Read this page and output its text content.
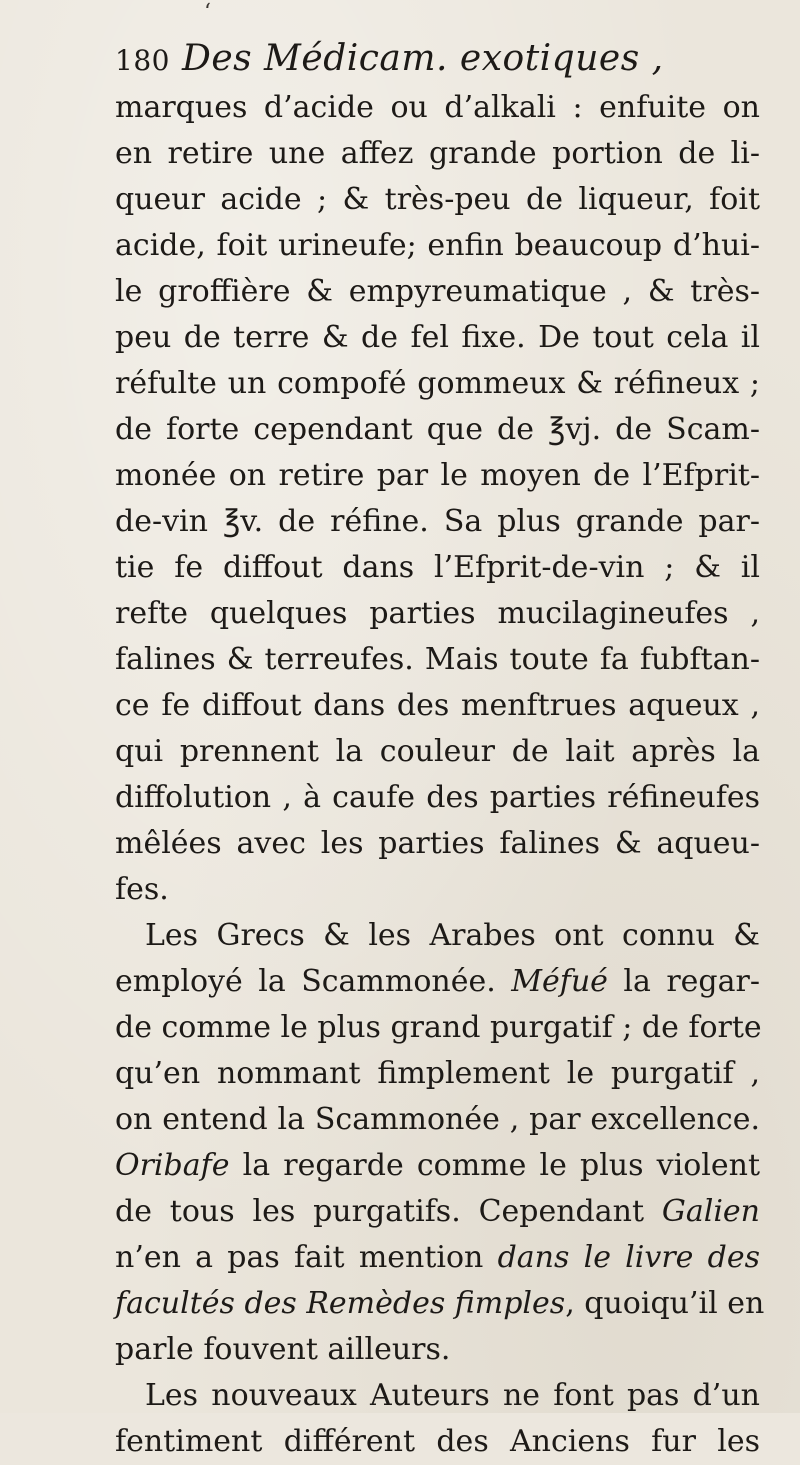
‘
180 Des Médicam. exotiques ,
marques d’acide ou d’alkali : enfuite on
en retire une affez grande portion de li-
queur acide ; & très-peu de liqueur, foit
acide, foit urineufe; enfin beaucoup d’hui-
le groffière & empyreumatique , & très-
peu de terre & de fel fixe. De tout cela il
réfulte un compofé gommeux & réfineux ;
de forte cependant que de ℥vj. de Scam-
monée on retire par le moyen de l’Efprit-
de-vin ℥v. de réfine. Sa plus grande par-
tie fe diffout dans l’Efprit-de-vin ; & il
refte quelques parties mucilagineufes ,
falines & terreufes. Mais toute fa fubftan-
ce fe diffout dans des menftrues aqueux ,
qui prennent la couleur de lait après la
diffolution , à caufe des parties réfineufes
mêlées avec les parties falines & aqueu-
fes.
Les Grecs & les Arabes ont connu &
employé la Scammonée. Méfué la regar-
de comme le plus grand purgatif ; de forte
qu’en nommant fimplement le purgatif ,
on entend la Scammonée , par excellence.
Oribafe la regarde comme le plus violent
de tous les purgatifs. Cependant Galien
n’en a pas fait mention dans le livre des
facultés des Remèdes fimples, quoiqu’il en
parle fouvent ailleurs.
Les nouveaux Auteurs ne font pas d’un
fentiment différent des Anciens fur les
